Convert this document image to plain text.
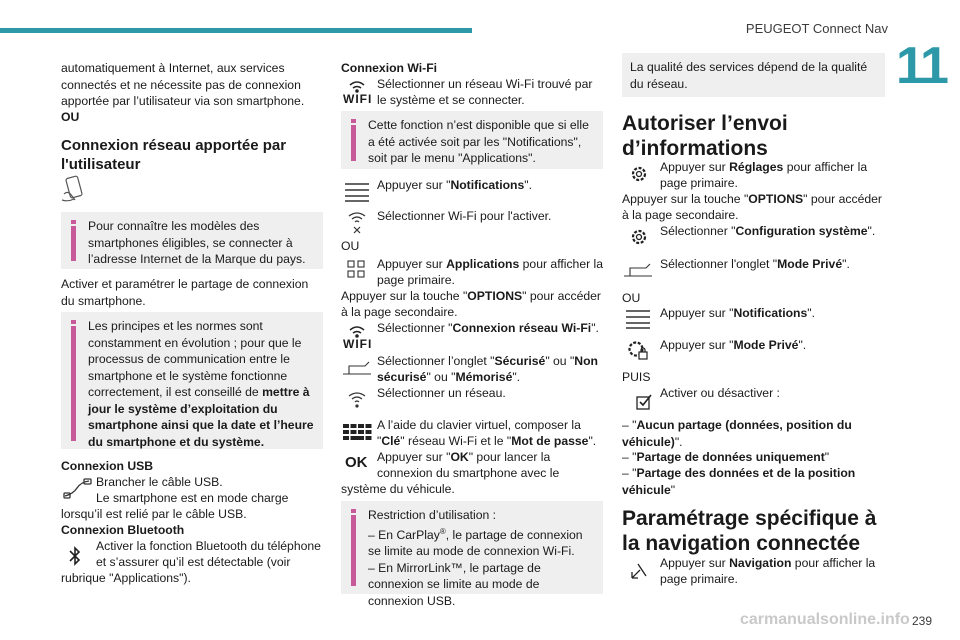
PEUGEOT Connect Nav
11
239
carmanualsonline.info
automatiquement à Internet, aux services connectés et ne nécessite pas de connexion apportée par l’utilisateur via son smartphone.
OU
Connexion réseau apportée par l'utilisateur
Pour connaître les modèles des smartphones éligibles, se connecter à l’adresse Internet de la Marque du pays.
Activer et paramétrer le partage de connexion du smartphone.
Les principes et les normes sont constamment en évolution ; pour que le processus de communication entre le smartphone et le système fonctionne correctement, il est conseillé de mettre à jour le système d’exploitation du smartphone ainsi que la date et l’heure du smartphone et du système.
Connexion USB
Brancher le câble USB.
Le smartphone est en mode charge
lorsqu’il est relié par le câble USB.
Connexion Bluetooth
Activer la fonction Bluetooth du téléphone
et s’assurer qu’il est détectable (voir
rubrique "Applications").
Connexion Wi-Fi
WIFI
Sélectionner un réseau Wi-Fi trouvé par
le système et se connecter.
Cette fonction n’est disponible que si elle a été activée soit par les "Notifications", soit par le menu "Applications".
Appuyer sur "Notifications".
Sélectionner Wi-Fi pour l'activer.
OU
Appuyer sur Applications pour afficher la
page primaire.
Appuyer sur la touche "OPTIONS" pour accéder
à la page secondaire.
WIFI
Sélectionner "Connexion réseau Wi-Fi".
Sélectionner l’onglet "Sécurisé" ou "Non
sécurisé" ou "Mémorisé".
Sélectionner un réseau.
A l’aide du clavier virtuel, composer la
"Clé" réseau Wi-Fi et le "Mot de passe".
OK Appuyer sur "OK" pour lancer la
connexion du smartphone avec le
système du véhicule.
Restriction d’utilisation :
– En CarPlay®, le partage de connexion se limite au mode de connexion Wi-Fi.
– En MirrorLink™, le partage de connexion se limite au mode de connexion USB.
La qualité des services dépend de la qualité du réseau.
Autoriser l’envoi d’informations
Appuyer sur Réglages pour afficher la
page primaire.
Appuyer sur la touche "OPTIONS" pour accéder
à la page secondaire.
Sélectionner "Configuration système".
Sélectionner l'onglet "Mode Privé".
OU
Appuyer sur "Notifications".
Appuyer sur "Mode Privé".
PUIS
Activer ou désactiver :
– "Aucun partage (données, position du véhicule)".
– "Partage de données uniquement"
– "Partage des données et de la position véhicule"
Paramétrage spécifique à la navigation connectée
Appuyer sur Navigation pour afficher la
page primaire.
